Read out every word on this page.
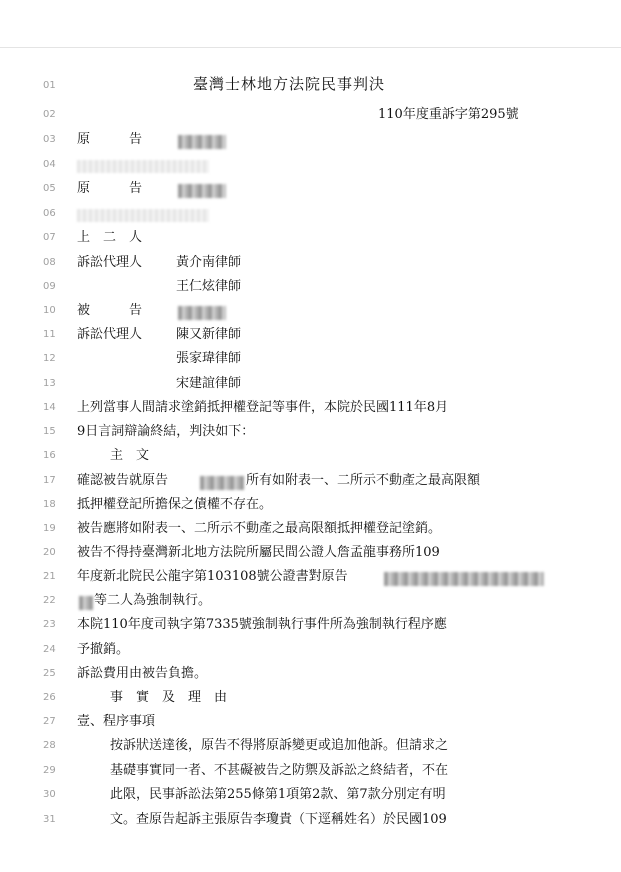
01	臺灣士林地方法院民事判決
02	110年度重訴字第295號
03 原　　　告
04
05 原　　　告
06
07 上　二　人
08 訴訟代理人	黃介南律師
09	王仁炫律師
10 被　　　告
11 訴訟代理人	陳又新律師
12	張家瑋律師
13	宋建誼律師
14 上列當事人間請求塗銷抵押權登記等事件，本院於民國111年8月
15 9日言詞辯論終結，判決如下：
16	主　文
17 確認被告就原告	所有如附表一、二所示不動產之最高限額
18 抵押權登記所擔保之債權不存在。
19 被告應將如附表一、二所示不動產之最高限額抵押權登記塗銷。
20 被告不得持臺灣新北地方法院所屬民間公證人詹孟龍事務所109
21 年度新北院民公龍字第103108號公證書對原告
22	等二人為強制執行。
23 本院110年度司執字第7335號強制執行事件所為強制執行程序應
24 予撤銷。
25 訴訟費用由被告負擔。
26	事　實　及　理　由
27 壹、程序事項
28	按訴狀送達後，原告不得將原訴變更或追加他訴。但請求之
29	基礎事實同一者、不甚礙被告之防禦及訴訟之終結者，不在
30	此限，民事訴訟法第255條第1項第2款、第7款分別定有明
31	文。查原告起訴主張原告李瓊貴（下逕稱姓名）於民國109
